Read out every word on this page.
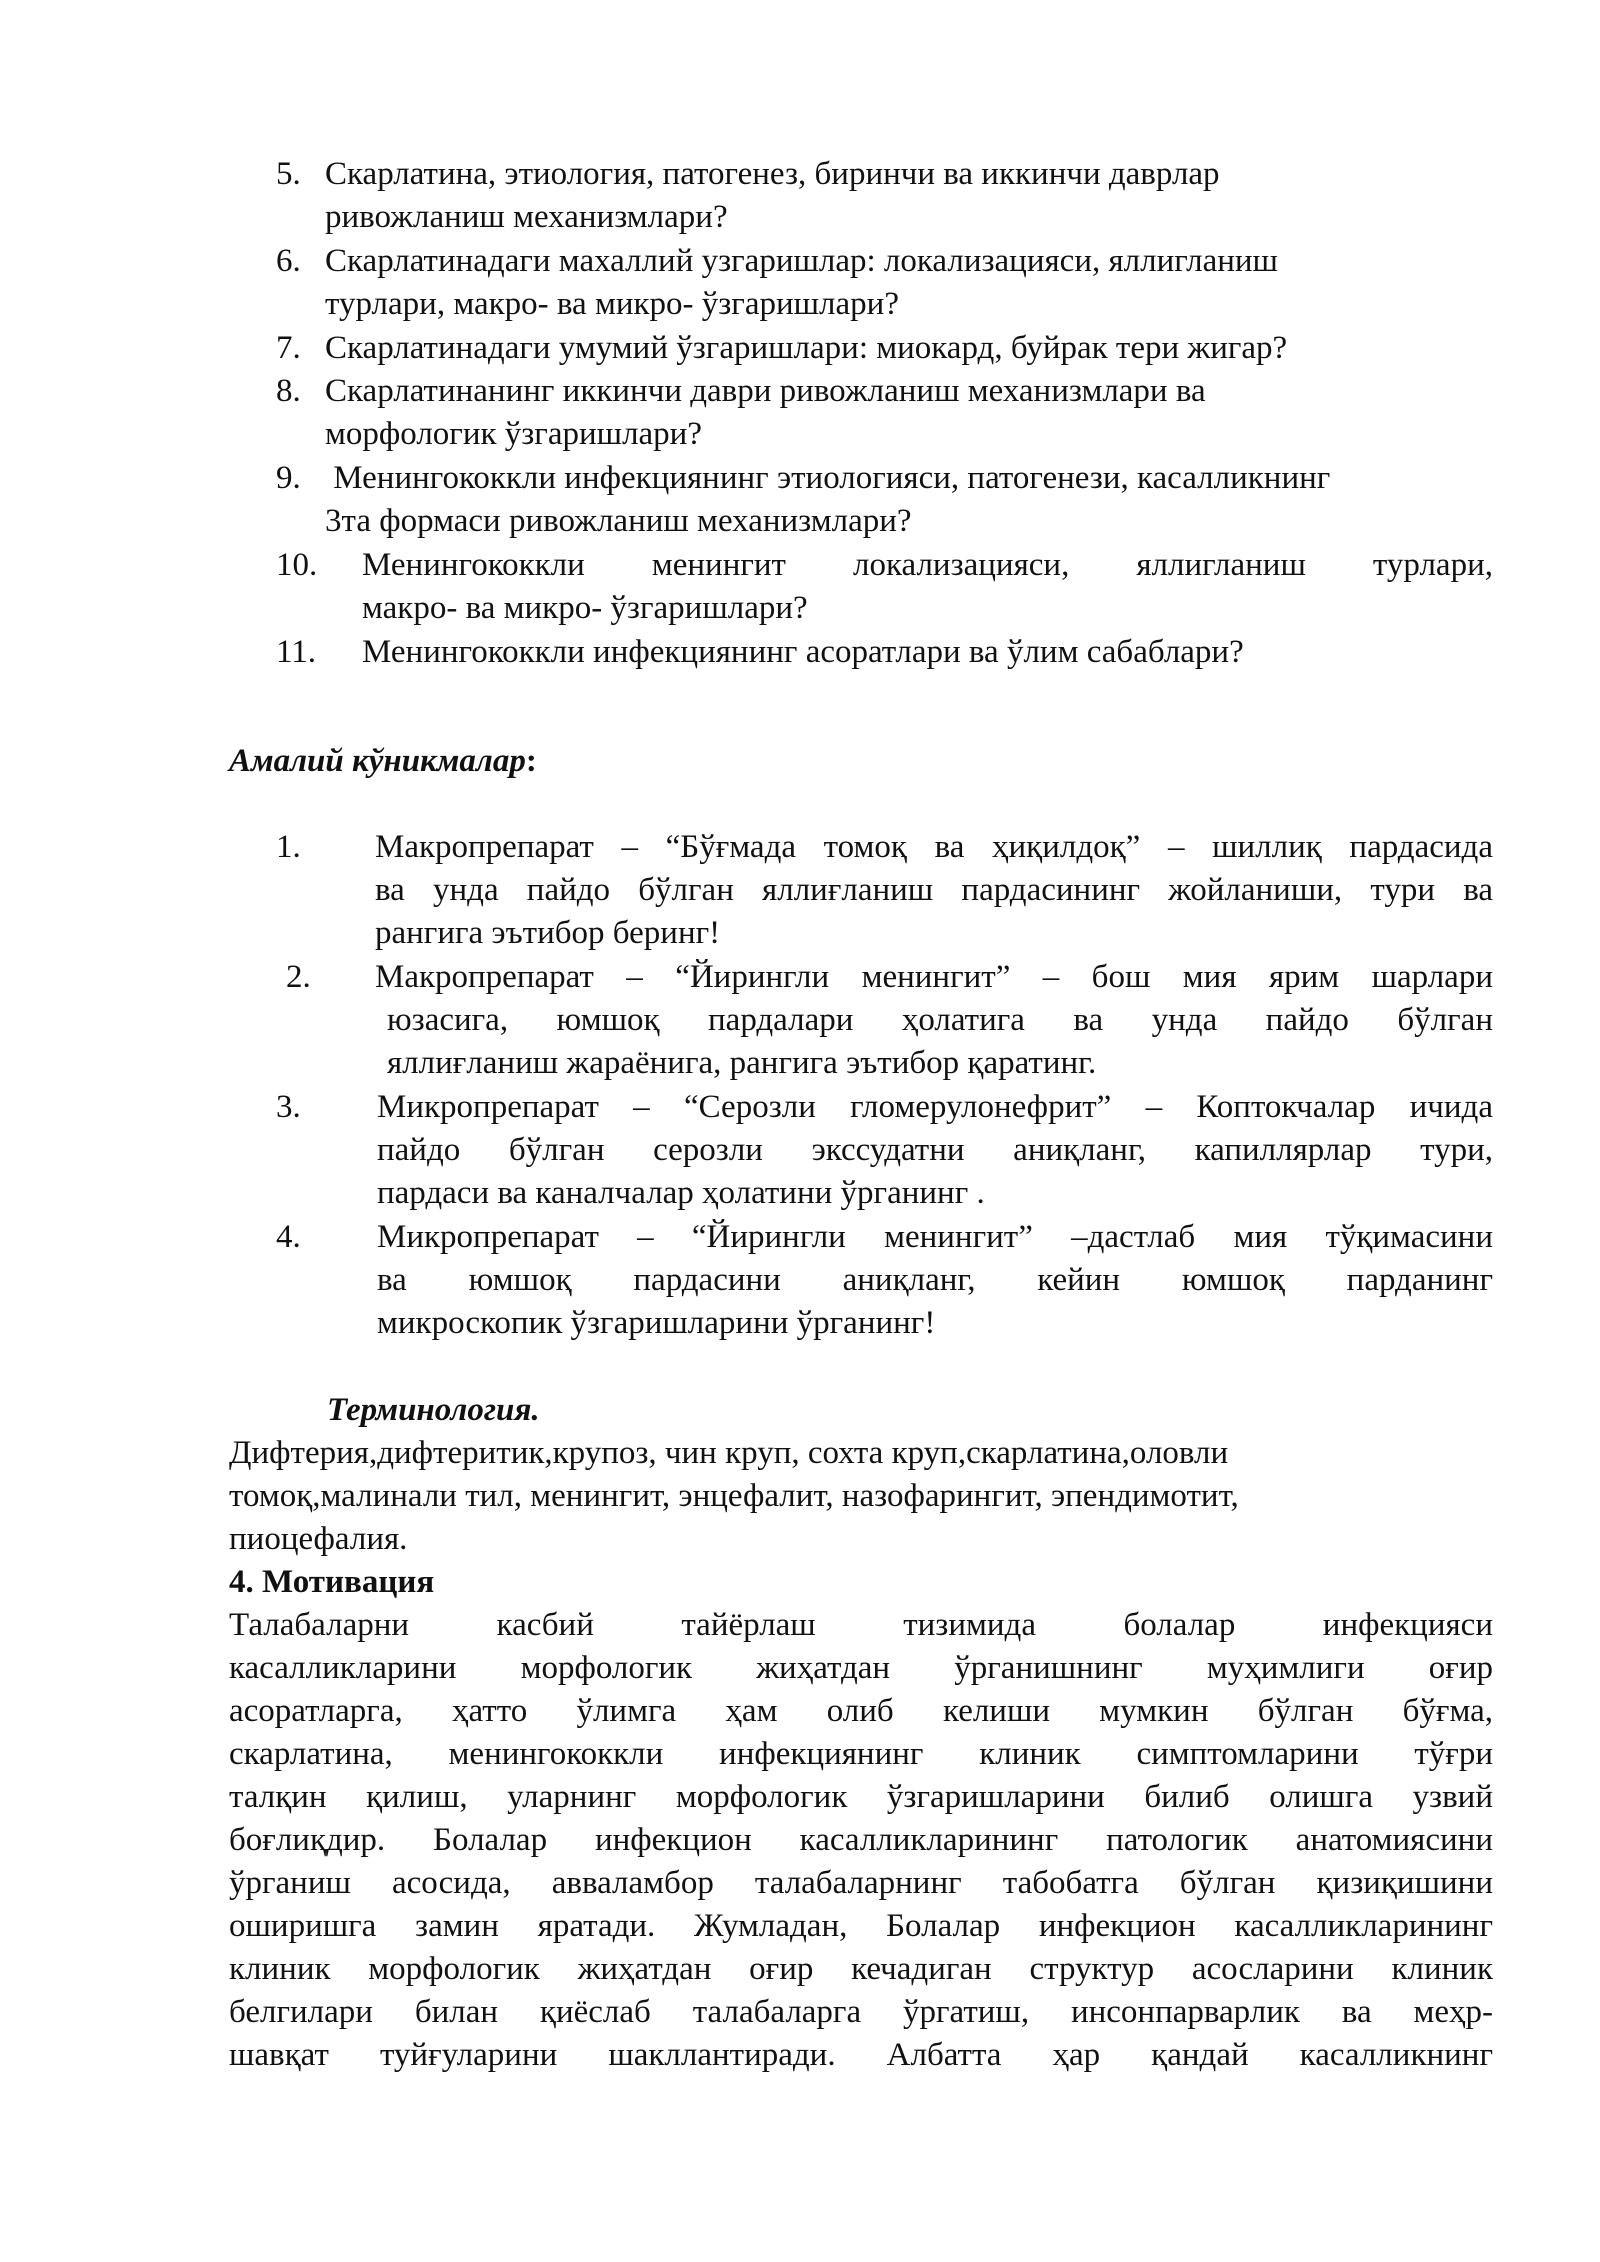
5. Скарлатина, этиология, патогенез, биринчи ва иккинчи даврлар
ривожланиш механизмлари?
6. Скарлатинадаги махаллий узгаришлар: локализацияси, яллигланиш
турлари, макро- ва микро- ўзгаришлари?
7. Скарлатинадаги умумий ўзгаришлари: миокард, буйрак тери жигар?
8. Скарлатинанинг иккинчи даври ривожланиш механизмлари ва
морфологик ўзгаришлари?
9. Менингококкли инфекциянинг этиологияси, патогенези, касалликнинг
3та формаси ривожланиш механизмлари?
10. Менингококкли менингит локализацияси, яллигланиш турлари,
макро- ва микро- ўзгаришлари?
11. Менингококкли инфекциянинг асоратлари ва ўлим сабаблари?
Амалий кўникмалар:
1. Макропрепарат – “Бўғмада томоқ ва ҳиқилдоқ” – шиллиқ пардасида
ва унда пайдо бўлган яллиғланиш пардасининг жойланиши, тури ва
рангига эътибор беринг!
2. Макропрепарат – “Йирингли менингит” – бош мия ярим шарлари
юзасига, юмшоқ пардалари ҳолатига ва унда пайдо бўлган
яллиғланиш жараёнига, рангига эътибор қаратинг.
3. Микропрепарат – “Серозли гломерулонефрит” – Коптокчалар ичида
пайдо бўлган серозли экссудатни аниқланг, капиллярлар тури,
пардаси ва каналчалар ҳолатини ўрганинг .
4. Микропрепарат – “Йирингли менингит” –дастлаб мия тўқимасини
ва юмшоқ пардасини аниқланг, кейин юмшоқ парданинг
микроскопик ўзгаришларини ўрганинг!
Терминология.
Дифтерия,дифтеритик,крупоз, чин круп, сохта круп,скарлатина,оловли
томоқ,малинали тил, менингит, энцефалит, назофарингит, эпендимотит,
пиоцефалия.
4. Мотивация
Талабаларни касбий тайёрлаш тизимида болалар инфекцияси
касалликларини морфологик жиҳатдан ўрганишнинг муҳимлиги оғир
асоратларга, ҳатто ўлимга ҳам олиб келиши мумкин бўлган бўғма,
скарлатина, менингококкли инфекциянинг клиник симптомларини тўғри
талқин қилиш, уларнинг морфологик ўзгаришларини билиб олишга узвий
боғлиқдир. Болалар инфекцион касалликларининг патологик анатомиясини
ўрганиш асосида, авваламбор талабаларнинг табобатга бўлган қизиқишини
оширишга замин яратади. Жумладан, Болалар инфекцион касалликларининг
клиник морфологик жиҳатдан оғир кечадиган структур асосларини клиник
белгилари билан қиёслаб талабаларга ўргатиш, инсонпарварлик ва меҳр-
шавқат туйғуларини шакллантиради. Албатта ҳар қандай касалликнинг
